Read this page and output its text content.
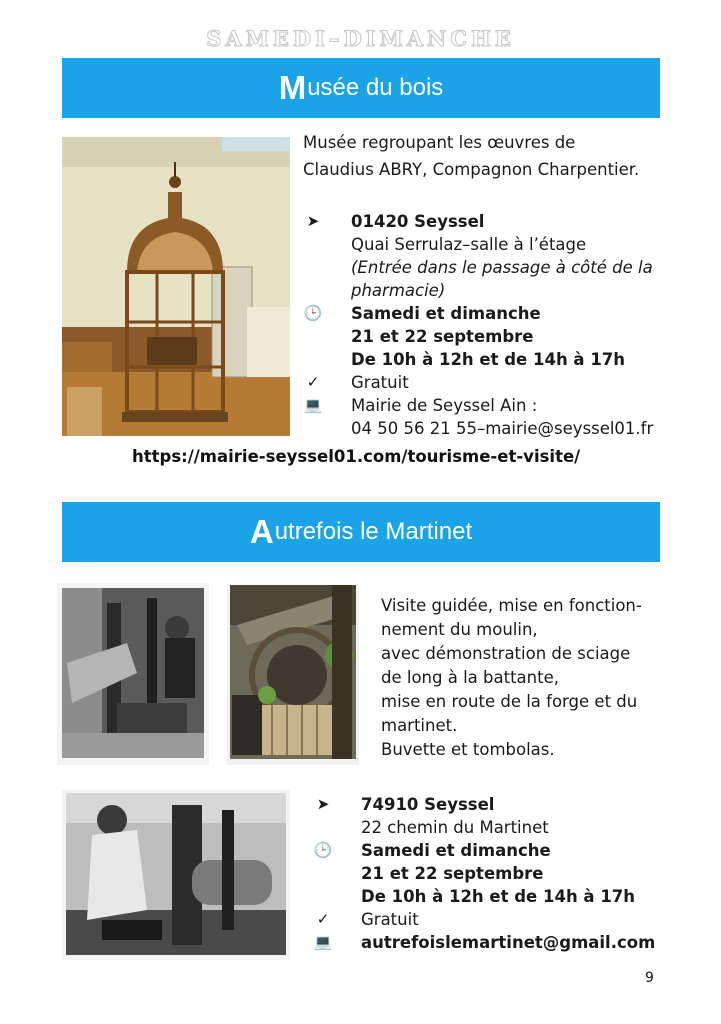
SAMEDI–DIMANCHE
M usée du bois
Musée regroupant les œuvres de
Claudius ABRY, Compagnon Charpentier.
➤ 01420 Seyssel
Quai Serrulaz–salle à l’étage
(Entrée dans le passage à côté de la
pharmacie)
🕒 Samedi et dimanche
21 et 22 septembre
De 10h à 12h et de 14h à 17h
✓ Gratuit
💻 Mairie de Seyssel Ain :
04 50 56 21 55–mairie@seyssel01.fr
https://mairie-seyssel01.com/tourisme-et-visite/
A utrefois le Martinet
Visite guidée, mise en fonction-
nement du moulin,
avec démonstration de sciage
de long à la battante,
mise en route de la forge et du
martinet.
Buvette et tombolas.
➤ 74910 Seyssel
22 chemin du Martinet
🕒 Samedi et dimanche
21 et 22 septembre
De 10h à 12h et de 14h à 17h
✓ Gratuit
💻 autrefoislemartinet@gmail.com
9
